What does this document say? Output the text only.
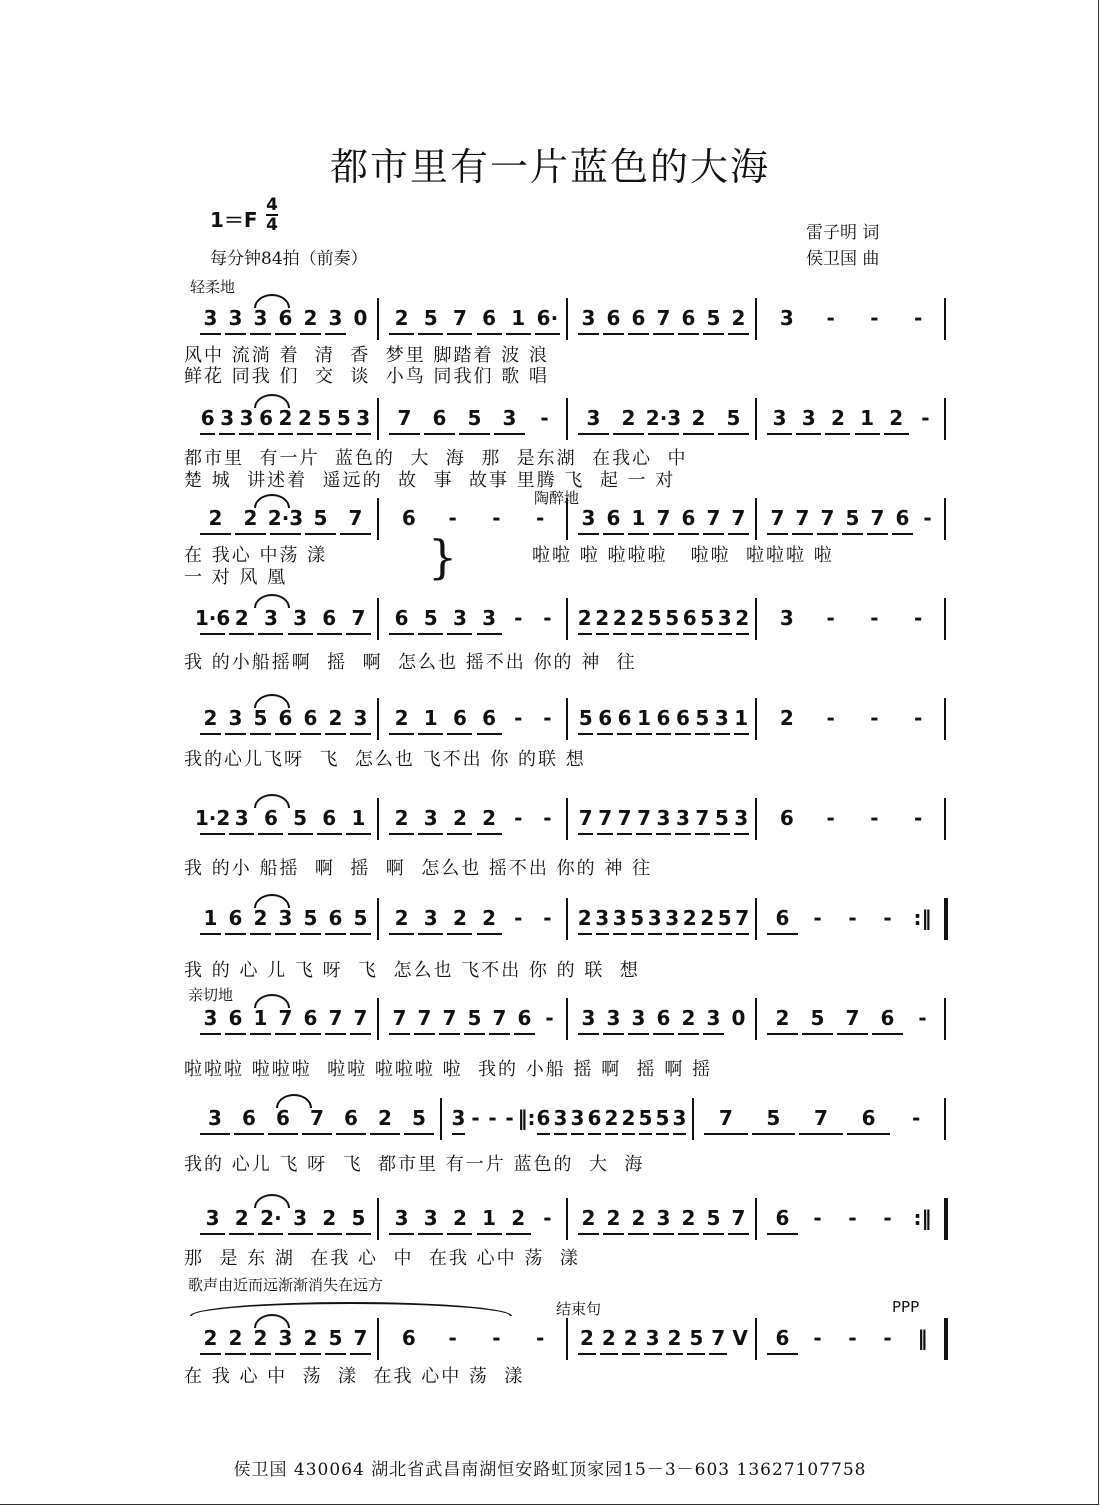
都市里有一片蓝色的大海
1＝F
4
4
每分钟84拍（前奏）
雷子明 词
侯卫国 曲
轻柔地
陶醉地
亲切地
歌声由近而远渐渐消失在远方
结束句	PPP
3 3 3 6 2 3 0 2 5 7 6 1 6· 3 6 6 7 6 5 2 3 - - -
6 3 3 6 2 2 5 5 3 7 6 5 3 - 3 2 2·3 2 5 3 3 2 1 2 -
2 2 2·3 5 7 6 - - - 3 6 1 7 6 7 7 7 7 7 5 7 6 -
1·6 2 3 3 6 7 6 5 3 3 - - 2 2 2 2 5 5 6 5 3 2 3 - - -
2 3 5 6 6 2 3 2 1 6 6 - - 5 6 6 1 6 6 5 3 1 2 - - -
1·2 3 6 5 6 1 2 3 2 2 - - 7 7 7 7 3 3 7 5 3 6 - - -
1 6 2 3 5 6 5 2 3 2 2 - - 2 3 3 5 3 3 2 2 5 7 6 - - - :‖
3 6 1 7 6 7 7 7 7 7 5 7 6 - 3 3 3 6 2 3 0 2 5 7 6 -
3 6 6 7 6 2 5 3 - - - ‖: 6 3 3 6 2 2 5 5 3 7 5 7 6 -
3 2 2· 3 2 5 3 3 2 1 2 - 2 2 2 3 2 5 7 6 - - - :‖
2 2 2 3 2 5 7 6 - - - 2 2 2 3 2 5 7 V 6 - - - ‖
风中 流淌 着  清  香  梦里 脚踏着 波 浪
鲜花 同我 们  交  谈  小鸟 同我们 歌 唱
都市里  有一片  蓝色的  大  海  那  是东湖  在我心  中
楚 城  讲述着  遥远的  故  事  故事 里腾 飞  起 一 对
在 我心 中荡 漾
一 对 风 凰
啦啦 啦 啦啦啦   啦啦  啦啦啦 啦
}
我 的小船摇啊  摇  啊  怎么也 摇不出 你的 神  往
我的心儿飞呀  飞  怎么也 飞不出 你 的联 想
我 的小 船摇  啊  摇  啊  怎么也 摇不出 你的 神 往
我 的 心 儿 飞 呀  飞  怎么也 飞不出 你 的 联  想
啦啦啦 啦啦啦  啦啦 啦啦啦 啦  我的 小船 摇 啊  摇 啊 摇
我的 心儿 飞 呀  飞  都市里 有一片 蓝色的  大  海
那  是 东 湖  在我 心  中  在我 心中 荡  漾
在 我 心 中  荡  漾  在我 心中 荡  漾
侯卫国 430064 湖北省武昌南湖恒安路虹顶家园15－3－603 13627107758
